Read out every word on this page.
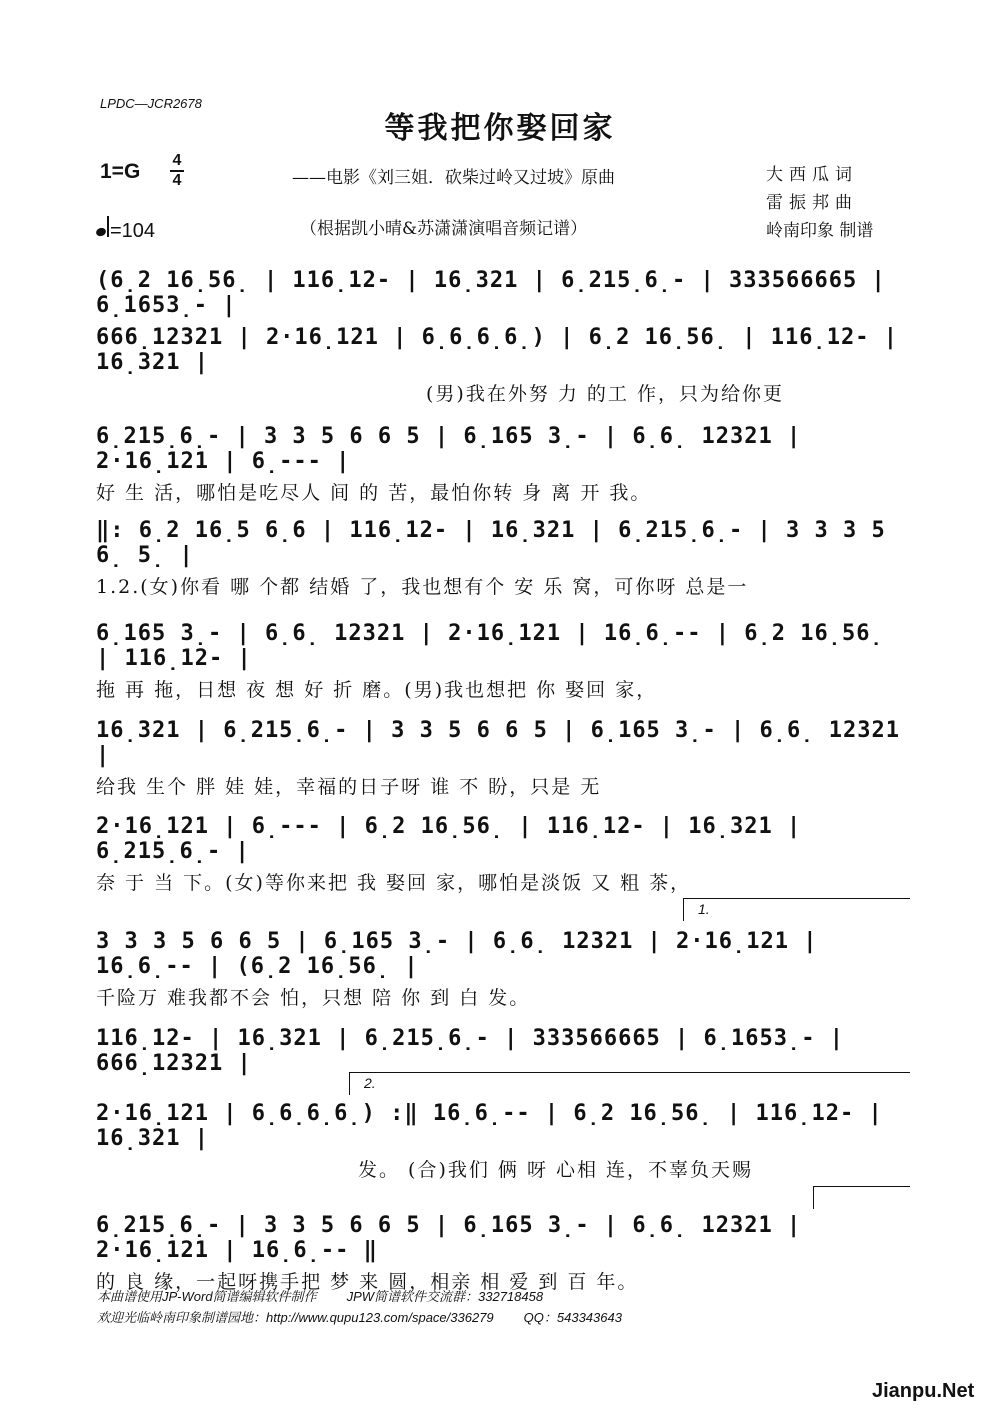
LPDC—JCR2678
等我把你娶回家
1=G 4
4	——电影《刘三姐．砍柴过岭又过坡》原曲	大西瓜词
雷振邦曲
岭南印象 制谱
（根据凯小晴&苏潇潇演唱音频记谱）
=104
(6̣2 16̣56̣ | 116̣12- | 16̣321 | 6̣215̣6̣- | 333566665 | 6̣1653̣- |
666̣12321 | 2·16̣121 | 6̣6̣6̣6̣) | 6̣2 16̣56̣ | 116̣12- | 16̣321 |
(男)我在外努 力 的工 作，只为给你更
6̣215̣6̣- | 3 3 5 6 6 5 | 6̣165 3̣- | 6̣6̣ 12321 | 2·16̣121 | 6̣--- |
好 生 活，哪怕是吃尽人 间 的 苦，最怕你转 身 离 开 我。
‖: 6̣2 16̣5 6̣6 | 116̣12- | 16̣321 | 6̣215̣6̣- | 3 3 3 5 6̣ 5̣ |
1.2.(女)你看 哪 个都 结婚 了，我也想有个 安 乐 窝，可你呀 总是一
6̣165 3̣- | 6̣6̣ 12321 | 2·16̣121 | 16̣6̣-- | 6̣2 16̣56̣ | 116̣12- |
拖 再 拖，日想 夜 想 好 折 磨。(男)我也想把 你 娶回 家，
16̣321 | 6̣215̣6̣- | 3 3 5 6 6 5 | 6̣165 3̣- | 6̣6̣ 12321 |
给我 生个 胖 娃 娃，幸福的日子呀 谁 不 盼，只是 无
2·16̣121 | 6̣--- | 6̣2 16̣56̣ | 116̣12- | 16̣321 | 6̣215̣6̣- |
奈 于 当 下。(女)等你来把 我 娶回 家，哪怕是淡饭 又 粗 茶，
1.
3 3 3 5 6 6 5 | 6̣165 3̣- | 6̣6̣ 12321 | 2·16̣121 | 16̣6̣-- | (6̣2 16̣56̣ |
千险万 难我都不会 怕，只想 陪 你 到 白 发。
116̣12- | 16̣321 | 6̣215̣6̣- | 333566665 | 6̣1653̣- | 666̣12321 |
2.
2·16̣121 | 6̣6̣6̣6̣) :‖ 16̣6̣-- | 6̣2 16̣56̣ | 116̣12- | 16̣321 |
发。 (合)我们 俩 呀 心相 连，不辜负天赐
6̣215̣6̣- | 3 3 5 6 6 5 | 6̣165 3̣- | 6̣6̣ 12321 | 2·16̣121 | 16̣6̣-- ‖
的 良 缘，一起呀携手把 梦 来 圆，相亲 相 爱 到 百 年。
本曲谱使用JP-Word简谱编辑软件制作 JPW简谱软件交流群：332718458
欢迎光临岭南印象制谱园地：http://www.qupu123.com/space/336279 QQ：543343643
Jianpu.Net
